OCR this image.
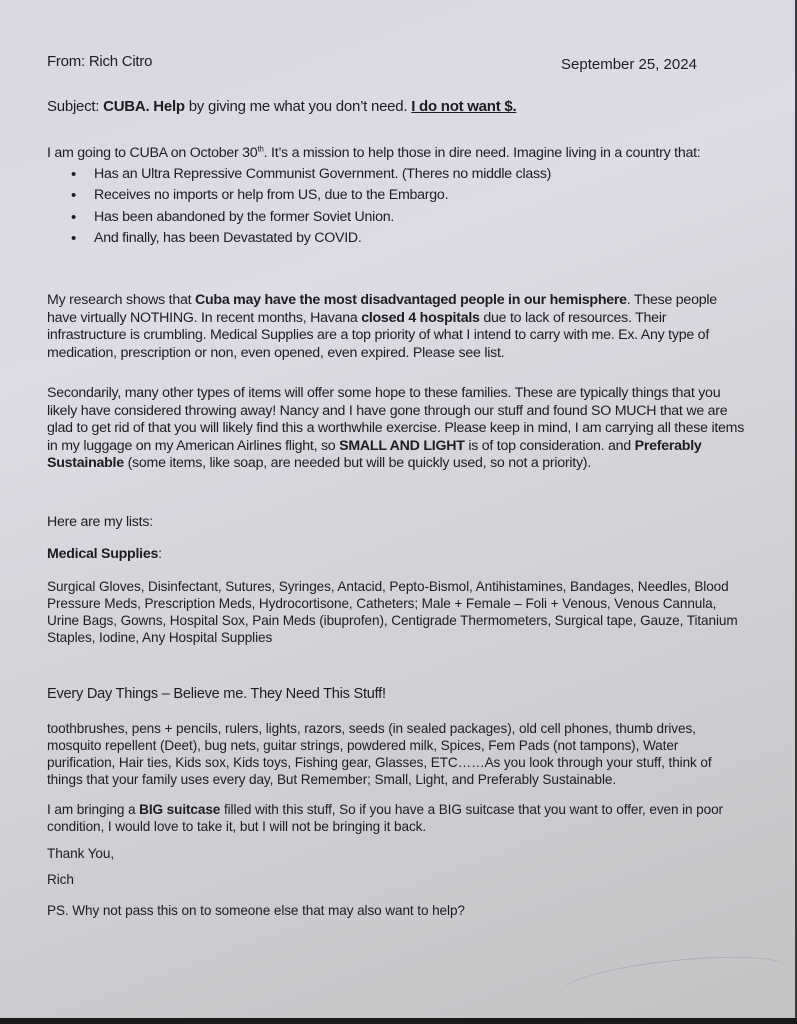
From: Rich Citro	September 25, 2024
Subject: CUBA. Help by giving me what you don’t need. I do not want $.
I am going to CUBA on October 30th. It’s a mission to help those in dire need. Imagine living in a country that:
• Has an Ultra Repressive Communist Government. (Theres no middle class)
• Receives no imports or help from US, due to the Embargo.
• Has been abandoned by the former Soviet Union.
• And finally, has been Devastated by COVID.
My research shows that Cuba may have the most disadvantaged people in our hemisphere. These people have virtually NOTHING. In recent months, Havana closed 4 hospitals due to lack of resources. Their infrastructure is crumbling. Medical Supplies are a top priority of what I intend to carry with me. Ex. Any type of medication, prescription or non, even opened, even expired. Please see list.
Secondarily, many other types of items will offer some hope to these families. These are typically things that you likely have considered throwing away! Nancy and I have gone through our stuff and found SO MUCH that we are glad to get rid of that you will likely find this a worthwhile exercise. Please keep in mind, I am carrying all these items in my luggage on my American Airlines flight, so SMALL AND LIGHT is of top consideration. and Preferably Sustainable (some items, like soap, are needed but will be quickly used, so not a priority).
Here are my lists:
Medical Supplies:
Surgical Gloves, Disinfectant, Sutures, Syringes, Antacid, Pepto-Bismol, Antihistamines, Bandages, Needles, Blood Pressure Meds, Prescription Meds, Hydrocortisone, Catheters; Male + Female – Foli + Venous, Venous Cannula, Urine Bags, Gowns, Hospital Sox, Pain Meds (ibuprofen), Centigrade Thermometers, Surgical tape, Gauze, Titanium Staples, Iodine, Any Hospital Supplies
Every Day Things – Believe me. They Need This Stuff!
toothbrushes, pens + pencils, rulers, lights, razors, seeds (in sealed packages), old cell phones, thumb drives, mosquito repellent (Deet), bug nets, guitar strings, powdered milk, Spices, Fem Pads (not tampons), Water purification, Hair ties, Kids sox, Kids toys, Fishing gear, Glasses, ETC……As you look through your stuff, think of things that your family uses every day, But Remember; Small, Light, and Preferably Sustainable.
I am bringing a BIG suitcase filled with this stuff, So if you have a BIG suitcase that you want to offer, even in poor condition, I would love to take it, but I will not be bringing it back.
Thank You,
Rich
PS. Why not pass this on to someone else that may also want to help?
